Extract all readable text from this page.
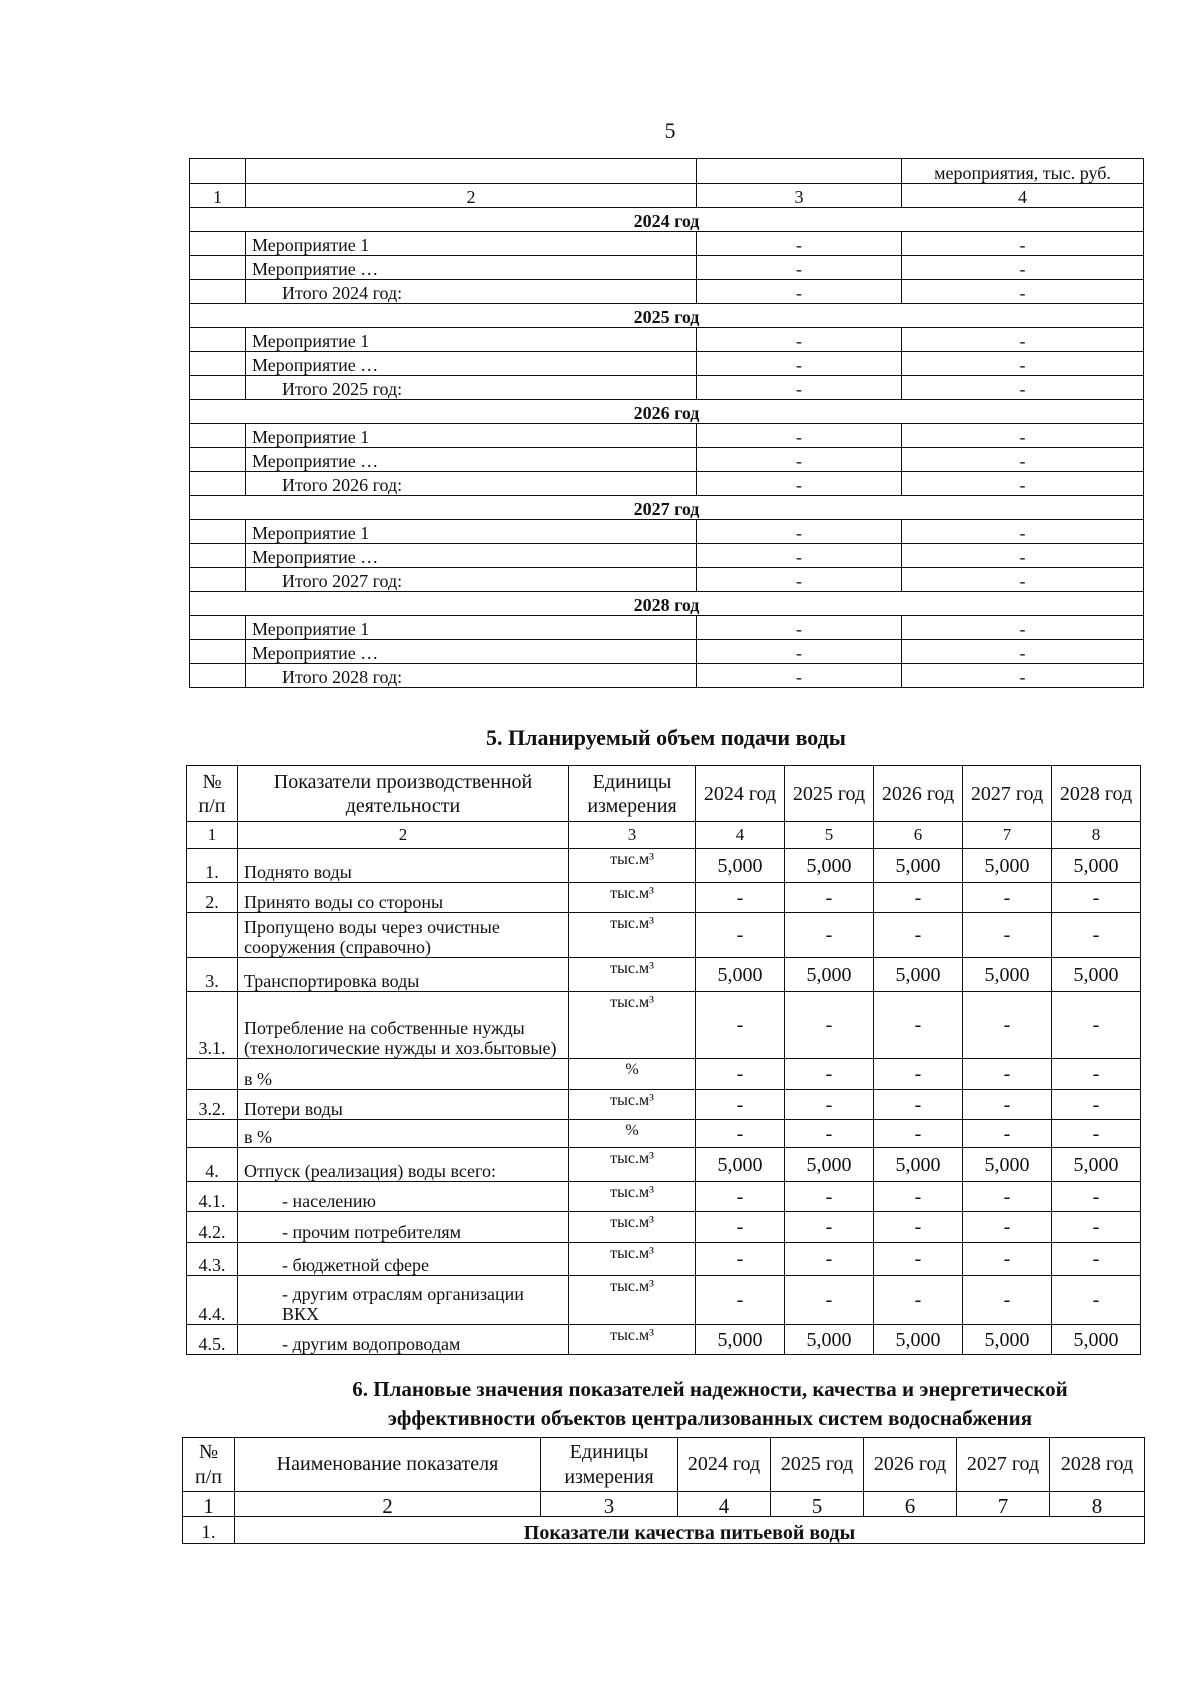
5
			мероприятия, тыс. руб.
1	2	3	4
2024 год			
	Мероприятие 1	-	-
	Мероприятие …	-	-
	Итого 2024 год:	-	-
2025 год			
	Мероприятие 1	-	-
	Мероприятие …	-	-
	Итого 2025 год:	-	-
2026 год			
	Мероприятие 1	-	-
	Мероприятие …	-	-
	Итого 2026 год:	-	-
2027 год			
	Мероприятие 1	-	-
	Мероприятие …	-	-
	Итого 2027 год:	-	-
2028 год			
	Мероприятие 1	-	-
	Мероприятие …	-	-
	Итого 2028 год:	-	-
5. Планируемый объем подачи воды
№ п/п	Показатели производственной деятельности	Единицы измерения	2024 год	2025 год	2026 год	2027 год	2028 год
1	2	3	4	5	6	7	8
1.	Поднято воды	тыс.м³	5,000	5,000	5,000	5,000	5,000
2.	Принято воды со стороны	тыс.м³	-	-	-	-	-
	Пропущено воды через очистные сооружения (справочно)	тыс.м³	-	-	-	-	-
3.	Транспортировка воды	тыс.м³	5,000	5,000	5,000	5,000	5,000
3.1.	Потребление на собственные нужды (технологические нужды и хоз.бытовые)	тыс.м³	-	-	-	-	-
	в %	%	-	-	-	-	-
3.2.	Потери воды	тыс.м³	-	-	-	-	-
	в %	%	-	-	-	-	-
4.	Отпуск (реализация) воды всего:	тыс.м³	5,000	5,000	5,000	5,000	5,000
4.1.	- населению	тыс.м³	-	-	-	-	-
4.2.	- прочим потребителям	тыс.м³	-	-	-	-	-
4.3.	- бюджетной сфере	тыс.м³	-	-	-	-	-
4.4.	- другим отраслям организации ВКХ	тыс.м³	-	-	-	-	-
4.5.	- другим водопроводам	тыс.м³	5,000	5,000	5,000	5,000	5,000
6. Плановые значения показателей надежности, качества и энергетической
эффективности объектов централизованных систем водоснабжения
№ п/п	Наименование показателя	Единицы измерения	2024 год	2025 год	2026 год	2027 год	2028 год
1	2	3	4	5	6	7	8
1.	Показатели качества питьевой воды						
